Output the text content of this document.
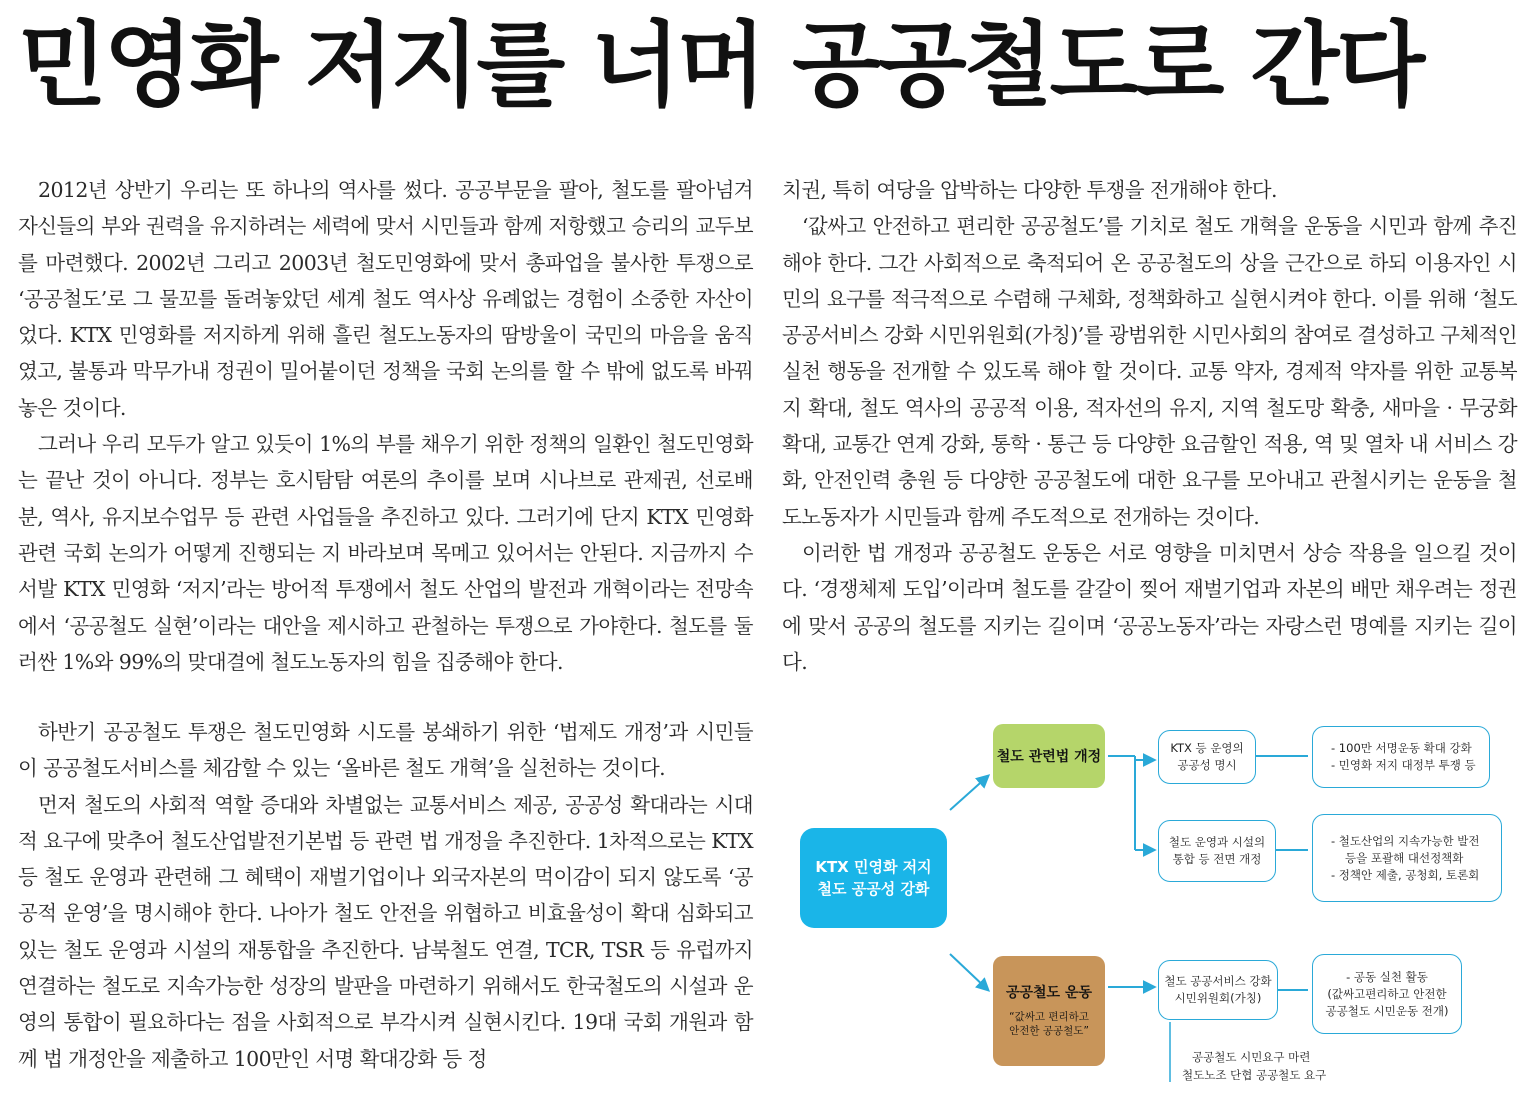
민영화 저지를 너머 공공철도로 간다

2012년 상반기 우리는 또 하나의 역사를 썼다. 공공부문을 팔아, 철도를 팔아넘겨 자신들의 부와 권력을 유지하려는 세력에 맞서 시민들과 함께 저항했고 승리의 교두보를 마련했다. 2002년 그리고 2003년 철도민영화에 맞서 총파업을 불사한 투쟁으로 ‘공공철도’로 그 물꼬를 돌려놓았던 세계 철도 역사상 유례없는 경험이 소중한 자산이었다. KTX 민영화를 저지하게 위해 흘린 철도노동자의 땀방울이 국민의 마음을 움직였고, 불통과 막무가내 정권이 밀어붙이던 정책을 국회 논의를 할 수 밖에 없도록 바꿔놓은 것이다.

그러나 우리 모두가 알고 있듯이 1%의 부를 채우기 위한 정책의 일환인 철도민영화는 끝난 것이 아니다. 정부는 호시탐탐 여론의 추이를 보며 시나브로 관제권, 선로배분, 역사, 유지보수업무 등 관련 사업들을 추진하고 있다. 그러기에 단지 KTX 민영화 관련 국회 논의가 어떻게 진행되는 지 바라보며 목메고 있어서는 안된다. 지금까지 수서발 KTX 민영화 ‘저지’라는 방어적 투쟁에서 철도 산업의 발전과 개혁이라는 전망속에서 ‘공공철도 실현’이라는 대안을 제시하고 관철하는 투쟁으로 가야한다. 철도를 둘러싼 1%와 99%의 맞대결에 철도노동자의 힘을 집중해야 한다.

치권, 특히 여당을 압박하는 다양한 투쟁을 전개해야 한다.

‘값싸고 안전하고 편리한 공공철도’를 기치로 철도 개혁을 운동을 시민과 함께 추진해야 한다. 그간 사회적으로 축적되어 온 공공철도의 상을 근간으로 하되 이용자인 시민의 요구를 적극적으로 수렴해 구체화, 정책화하고 실현시켜야 한다. 이를 위해 ‘철도 공공서비스 강화 시민위원회(가칭)’를 광범위한 시민사회의 참여로 결성하고 구체적인 실천 행동을 전개할 수 있도록 해야 할 것이다. 교통 약자, 경제적 약자를 위한 교통복지 확대, 철도 역사의 공공적 이용, 적자선의 유지, 지역 철도망 확충, 새마을 · 무궁화 확대, 교통간 연계 강화, 통학 · 통근 등 다양한 요금할인 적용, 역 및 열차 내 서비스 강화, 안전인력 충원 등 다양한 공공철도에 대한 요구를 모아내고 관철시키는 운동을 철도노동자가 시민들과 함께 주도적으로 전개하는 것이다.

이러한 법 개정과 공공철도 운동은 서로 영향을 미치면서 상승 작용을 일으킬 것이다. ‘경쟁체제 도입’이라며 철도를 갈갈이 찢어 재벌기업과 자본의 배만 채우려는 정권에 맞서 공공의 철도를 지키는 길이며 ‘공공노동자’라는 자랑스런 명예를 지키는 길이다.

하반기 공공철도 투쟁은 철도민영화 시도를 봉쇄하기 위한 ‘법제도 개정’과 시민들이 공공철도서비스를 체감할 수 있는 ‘올바른 철도 개혁’을 실천하는 것이다.

먼저 철도의 사회적 역할 증대와 차별없는 교통서비스 제공, 공공성 확대라는 시대적 요구에 맞추어 철도산업발전기본법 등 관련 법 개정을 추진한다. 1차적으로는 KTX 등 철도 운영과 관련해 그 혜택이 재벌기업이나 외국자본의 먹이감이 되지 않도록 ‘공공적 운영’을 명시해야 한다. 나아가 철도 안전을 위협하고 비효율성이 확대 심화되고 있는 철도 운영과 시설의 재통합을 추진한다. 남북철도 연결, TCR, TSR 등 유럽까지 연결하는 철도로 지속가능한 성장의 발판을 마련하기 위해서도 한국철도의 시설과 운영의 통합이 필요하다는 점을 사회적으로 부각시켜 실현시킨다. 19대 국회 개원과 함께 법 개정안을 제출하고 100만인 서명 확대강화 등 정

KTX 민영화 저지
철도 공공성 강화
철도 관련법 개정
공공철도 운동
“값싸고 편리하고
안전한 공공철도”
KTX 등 운영의
공공성 명시
철도 운영과 시설의
통합 등 전면 개정
철도 공공서비스 강화
시민위원회(가칭)
- 100만 서명운동 확대 강화
- 민영화 저지 대정부 투쟁 등
- 철도산업의 지속가능한 발전
등을 포괄해 대선정책화
- 정책안 제출, 공청회, 토론회
- 공동 실천 활동
(값싸고편리하고 안전한
공공철도 시민운동 전개)
공공철도 시민요구 마련
철도노조 단협 공공철도 요구
